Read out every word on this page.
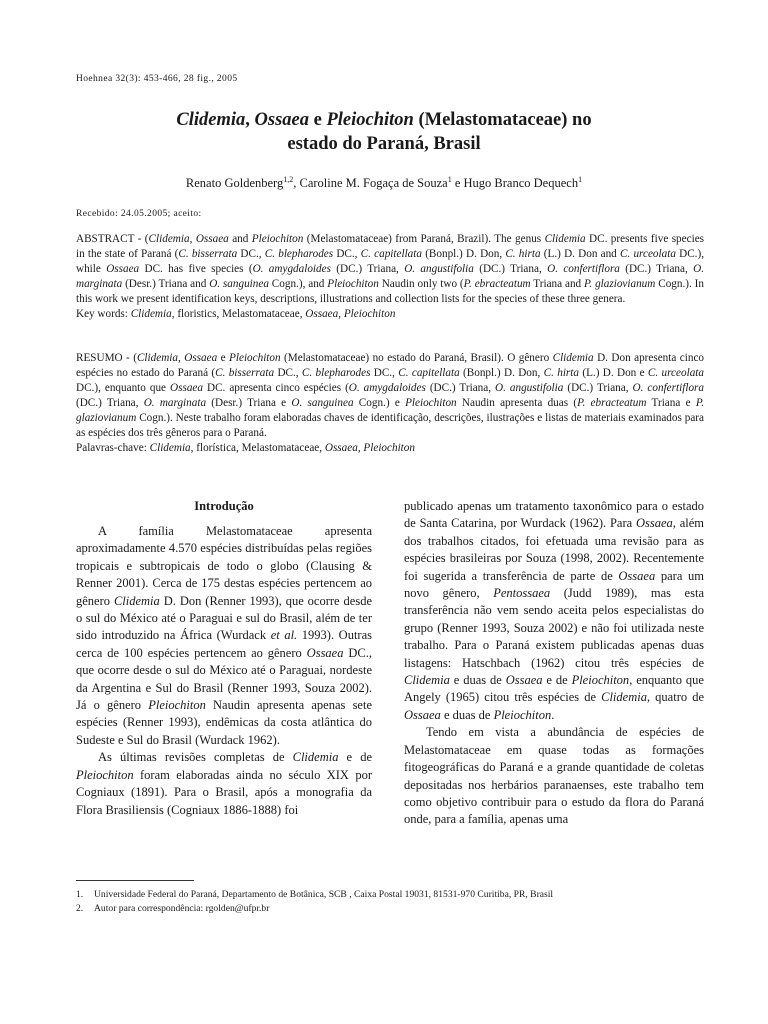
Hoehnea 32(3): 453-466, 28 fig., 2005
Clidemia, Ossaea e Pleiochiton (Melastomataceae) no
estado do Paraná, Brasil
Renato Goldenberg$^{1,2}$, Caroline M. Fogaça de Souza$^1$ e Hugo Branco Dequech$^1$
Recebido: 24.05.2005; aceito:

ABSTRACT - (Clidemia, Ossaea and Pleiochiton (Melastomataceae) from Paraná, Brazil). The genus Clidemia DC. presents five species in the state of Paraná (C. bisserrata DC., C. blepharodes DC., C. capitellata (Bonpl.) D. Don, C. hirta (L.) D. Don and C. urceolata DC.), while Ossaea DC. has five species (O. amygdaloides (DC.) Triana, O. angustifolia (DC.) Triana, O. confertiflora (DC.) Triana, O. marginata (Desr.) Triana and O. sanguinea Cogn.), and Pleiochiton Naudin only two (P. ebracteatum Triana and P. glaziovianum Cogn.). In this work we present identification keys, descriptions, illustrations and collection lists for the species of these three genera.

Key words: Clidemia, floristics, Melastomataceae, Ossaea, Pleiochiton

RESUMO - (Clidemia, Ossaea e Pleiochiton (Melastomataceae) no estado do Paraná, Brasil). O gênero Clidemia D. Don apresenta cinco espécies no estado do Paraná (C. bisserrata DC., C. blepharodes DC., C. capitellata (Bonpl.) D. Don, C. hirta (L.) D. Don e C. urceolata DC.), enquanto que Ossaea DC. apresenta cinco espécies (O. amygdaloides (DC.) Triana, O. angustifolia (DC.) Triana, O. confertiflora (DC.) Triana, O. marginata (Desr.) Triana e O. sanguinea Cogn.) e Pleiochiton Naudin apresenta duas (P. ebracteatum Triana e P. glaziovianum Cogn.). Neste trabalho foram elaboradas chaves de identificação, descrições, ilustrações e listas de materiais examinados para as espécies dos três gêneros para o Paraná.

Palavras-chave: Clidemia, florística, Melastomataceae, Ossaea, Pleiochiton

Introdução

A família Melastomataceae apresenta aproximadamente 4.570 espécies distribuídas pelas regiões tropicais e subtropicais de todo o globo (Clausing & Renner 2001). Cerca de 175 destas espécies pertencem ao gênero Clidemia D. Don (Renner 1993), que ocorre desde o sul do México até o Paraguai e sul do Brasil, além de ter sido introduzido na África (Wurdack et al. 1993). Outras cerca de 100 espécies pertencem ao gênero Ossaea DC., que ocorre desde o sul do México até o Paraguai, nordeste da Argentina e Sul do Brasil (Renner 1993, Souza 2002). Já o gênero Pleiochiton Naudin apresenta apenas sete espécies (Renner 1993), endêmicas da costa atlântica do Sudeste e Sul do Brasil (Wurdack 1962).

As últimas revisões completas de Clidemia e de Pleiochiton foram elaboradas ainda no século XIX por Cogniaux (1891). Para o Brasil, após a monografia da Flora Brasiliensis (Cogniaux 1886-1888) foi

publicado apenas um tratamento taxonômico para o estado de Santa Catarina, por Wurdack (1962). Para Ossaea, além dos trabalhos citados, foi efetuada uma revisão para as espécies brasileiras por Souza (1998, 2002). Recentemente foi sugerida a transferência de parte de Ossaea para um novo gênero, Pentossaea (Judd 1989), mas esta transferência não vem sendo aceita pelos especialistas do grupo (Renner 1993, Souza 2002) e não foi utilizada neste trabalho. Para o Paraná existem publicadas apenas duas listagens: Hatschbach (1962) citou três espécies de Clidemia e duas de Ossaea e de Pleiochiton, enquanto que Angely (1965) citou três espécies de Clidemia, quatro de Ossaea e duas de Pleiochiton.

Tendo em vista a abundância de espécies de Melastomataceae em quase todas as formações fitogeográficas do Paraná e a grande quantidade de coletas depositadas nos herbários paranaenses, este trabalho tem como objetivo contribuir para o estudo da flora do Paraná onde, para a família, apenas uma

1. Universidade Federal do Paraná, Departamento de Botânica, SCB , Caixa Postal 19031, 81531-970 Curitiba, PR, Brasil
2. Autor para correspondência: rgolden@ufpr.br
